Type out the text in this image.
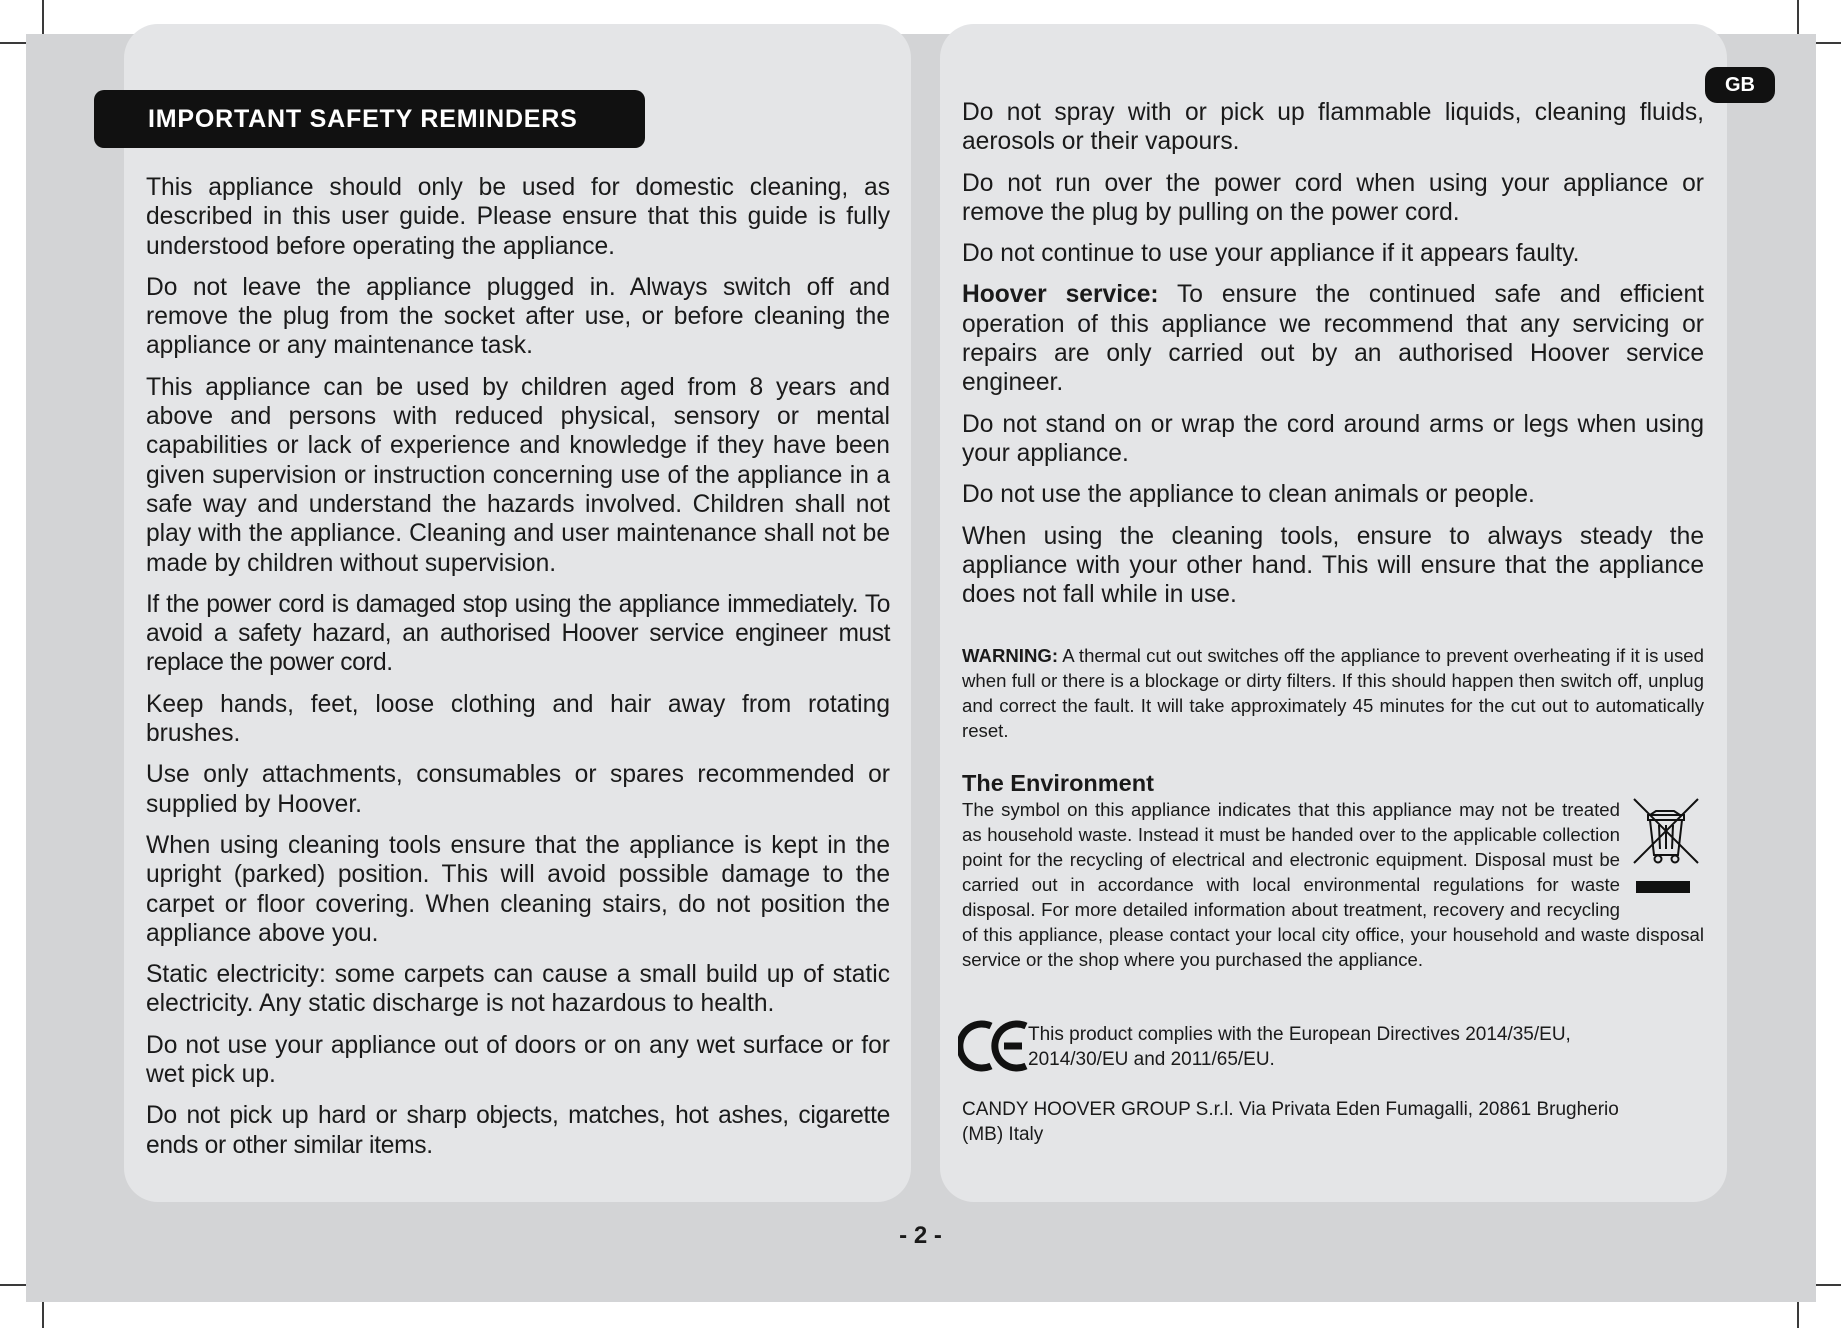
IMPORTANT SAFETY REMINDERS
GB

This appliance should only be used for domestic cleaning, as described in this user guide. Please ensure that this guide is fully understood before operating the appliance.

Do not leave the appliance plugged in. Always switch off and remove the plug from the socket after use, or before cleaning the appliance or any maintenance task.

This appliance can be used by children aged from 8 years and above and persons with reduced physical, sensory or mental capabilities or lack of experience and knowledge if they have been given supervision or instruction concerning use of the appliance in a safe way and understand the hazards involved. Children shall not play with the appliance. Cleaning and user maintenance shall not be made by children without supervision.

If the power cord is damaged stop using the appliance immediately. To avoid a safety hazard, an authorised Hoover service engineer must replace the power cord.

Keep hands, feet, loose clothing and hair away from rotating brushes.

Use only attachments, consumables or spares recommended or supplied by Hoover.

When using cleaning tools ensure that the appliance is kept in the upright (parked) position. This will avoid possible damage to the carpet or floor covering. When cleaning stairs, do not position the appliance above you.

Static electricity: some carpets can cause a small build up of static electricity. Any static discharge is not hazardous to health.

Do not use your appliance out of doors or on any wet surface or for wet pick up.

Do not pick up hard or sharp objects, matches, hot ashes, cigarette ends or other similar items.

Do not spray with or pick up flammable liquids, cleaning fluids, aerosols or their vapours.

Do not run over the power cord when using your appliance or remove the plug by pulling on the power cord.

Do not continue to use your appliance if it appears faulty.

Hoover service: To ensure the continued safe and efficient operation of this appliance we recommend that any servicing or repairs are only carried out by an authorised Hoover service engineer.

Do not stand on or wrap the cord around arms or legs when using your appliance.

Do not use the appliance to clean animals or people.

When using the cleaning tools, ensure to always steady the appliance with your other hand. This will ensure that the appliance does not fall while in use.

WARNING: A thermal cut out switches off the appliance to prevent overheating if it is used when full or there is a blockage or dirty filters. If this should happen then switch off, unplug and correct the fault. It will take approximately 45 minutes for the cut out to automatically reset.
The Environment
The symbol on this appliance indicates that this appliance may not be treated as household waste. Instead it must be handed over to the applicable collection point for the recycling of electrical and electronic equipment. Disposal must be carried out in accordance with local environmental regulations for waste disposal. For more detailed information about treatment, recovery and recycling of this appliance, please contact your local city office, your household and waste disposal service or the shop where you purchased the appliance.
This product complies with the European Directives 2014/35/EU,
2014/30/EU and 2011/65/EU.
CANDY HOOVER GROUP S.r.l. Via Privata Eden Fumagalli, 20861 Brugherio
(MB) Italy
- 2 -
